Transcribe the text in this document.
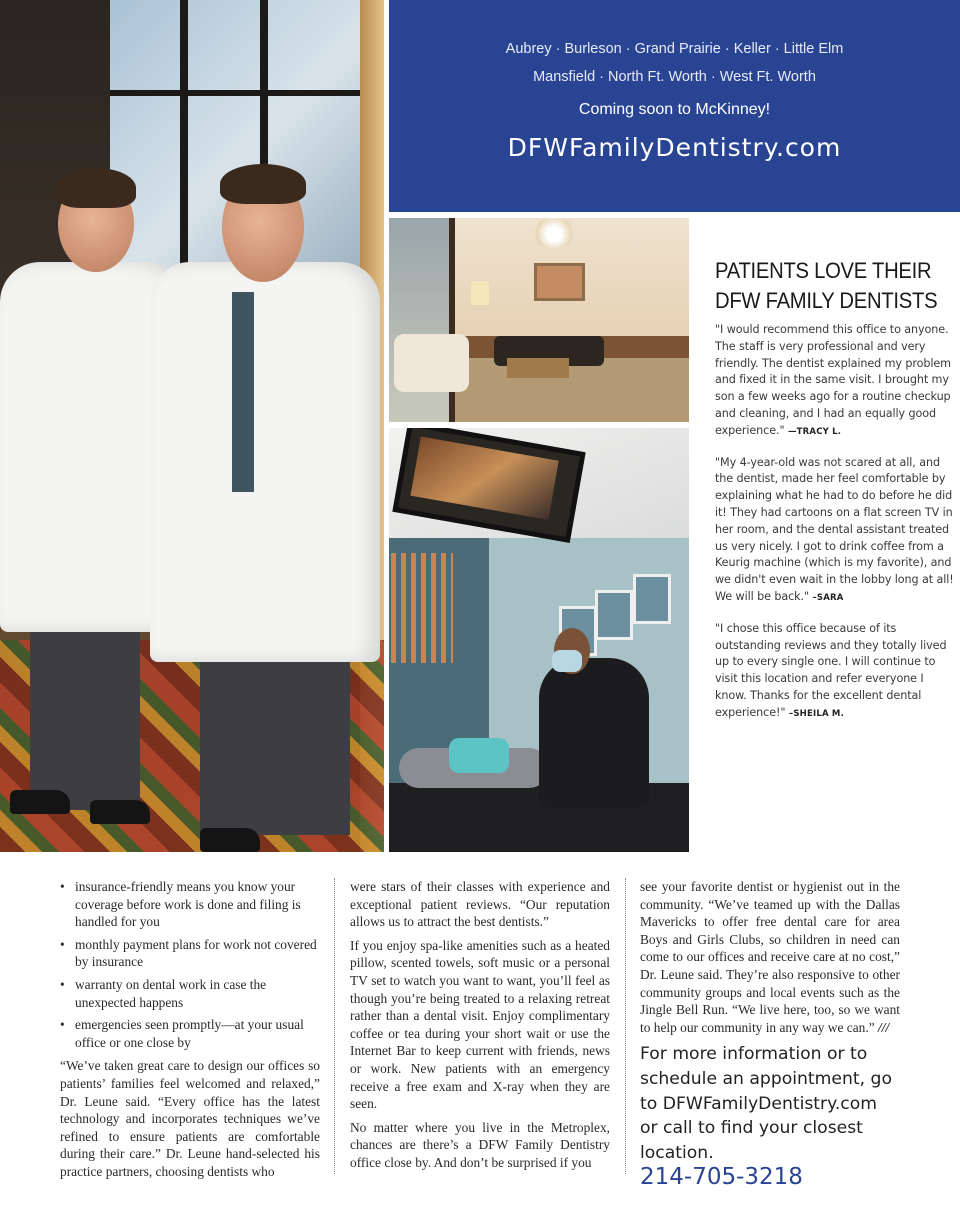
Aubrey · Burleson · Grand Prairie · Keller · Little Elm
Mansfield · North Ft. Worth · West Ft. Worth
Coming soon to McKinney!
DFWFamilyDentistry.com
PATIENTS LOVE THEIR
DFW FAMILY DENTISTS

"I would recommend this office to anyone. The staff is very professional and very friendly. The dentist explained my problem and fixed it in the same visit. I brought my son a few weeks ago for a routine checkup and cleaning, and I had an equally good experience." —TRACY L.

"My 4-year-old was not scared at all, and the dentist, made her feel comfortable by explaining what he had to do before he did it! They had cartoons on a flat screen TV in her room, and the dental assistant treated us very nicely. I got to drink coffee from a Keurig machine (which is my favorite), and we didn't even wait in the lobby long at all! We will be back." –SARA

"I chose this office because of its outstanding reviews and they totally lived up to every single one. I will continue to visit this location and refer everyone I know. Thanks for the excellent dental experience!" –SHEILA M.

• insurance-friendly means you know your coverage before work is done and filing is handled for you
• monthly payment plans for work not covered by insurance
• warranty on dental work in case the unexpected happens
• emergencies seen promptly—at your usual office or one close by

“We’ve taken great care to design our offices so patients’ families feel welcomed and relaxed,” Dr. Leune said. “Every office has the latest technology and incorporates techniques we’ve refined to ensure patients are comfortable during their care.” Dr. Leune hand-selected his practice partners, choosing dentists who

were stars of their classes with experience and exceptional patient reviews. “Our reputation allows us to attract the best dentists.”

If you enjoy spa-like amenities such as a heated pillow, scented towels, soft music or a personal TV set to watch you want to want, you’ll feel as though you’re being treated to a relaxing retreat rather than a dental visit. Enjoy complimentary coffee or tea during your short wait or use the Internet Bar to keep current with friends, news or work. New patients with an emergency receive a free exam and X-ray when they are seen.

No matter where you live in the Metroplex, chances are there’s a DFW Family Dentistry office close by. And don’t be surprised if you

see your favorite dentist or hygienist out in the community. “We’ve teamed up with the Dallas Mavericks to offer free dental care for area Boys and Girls Clubs, so children in need can come to our offices and receive care at no cost,” Dr. Leune said. They’re also responsive to other community groups and local events such as the Jingle Bell Run. “We live here, too, so we want to help our community in any way we can.” ///

For more information or to schedule an appointment, go to DFWFamilyDentistry.com or call to find your closest location.
214-705-3218
